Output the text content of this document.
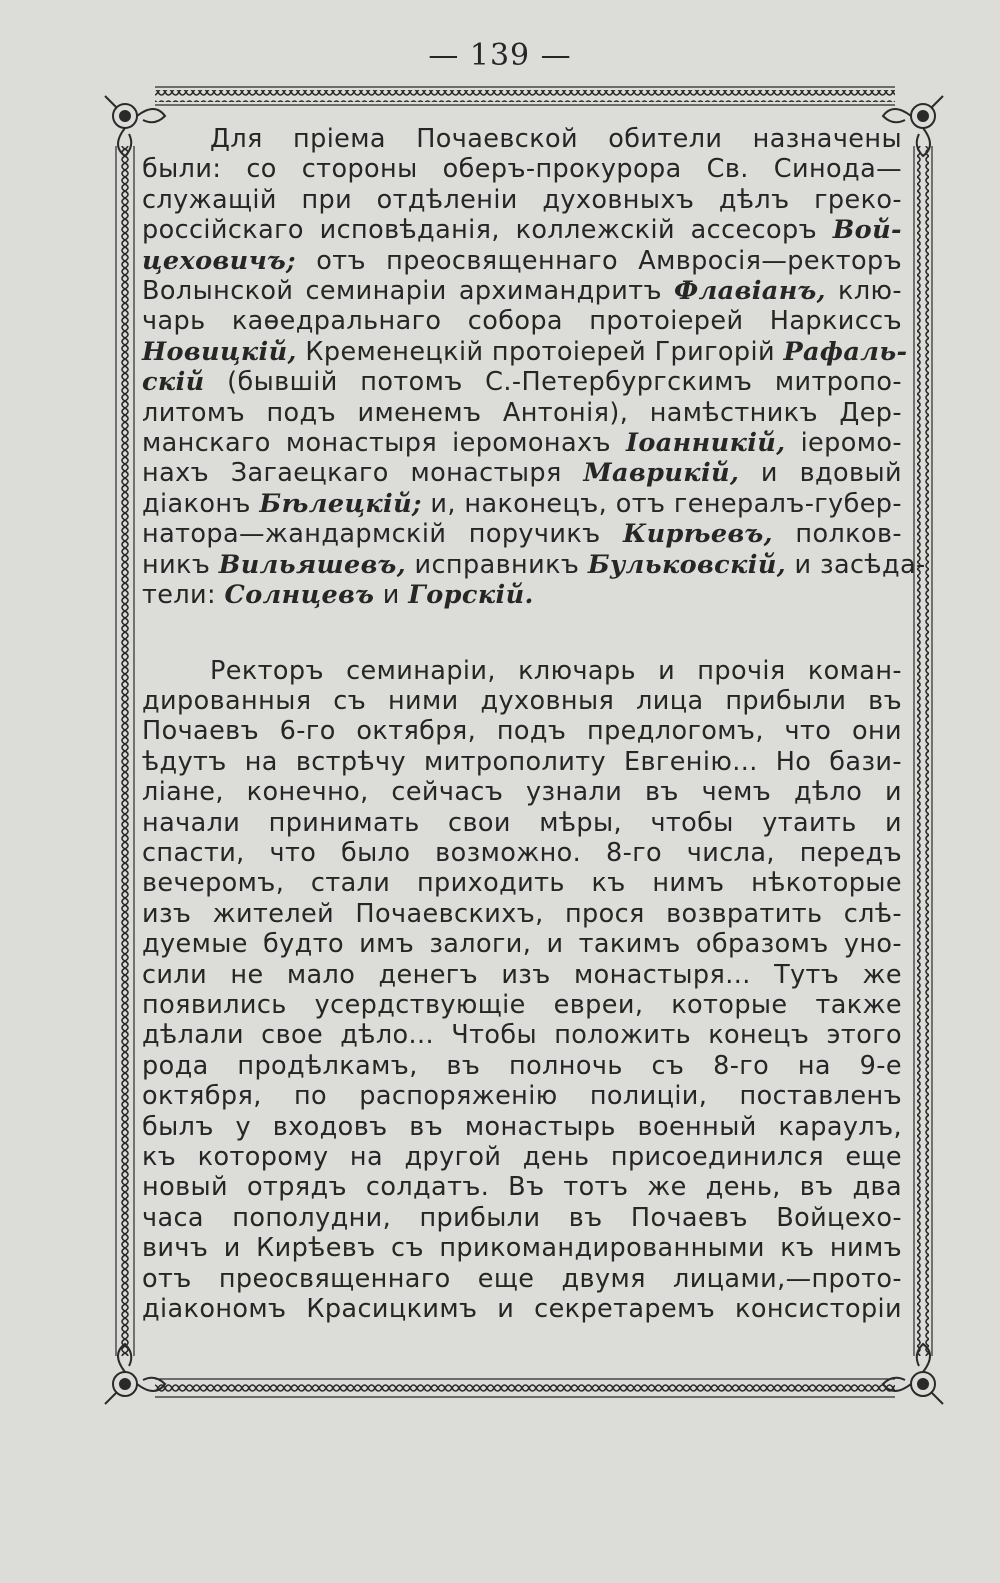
— 139 —
Для пріема Почаевской обители назначены
были: со стороны оберъ-прокурора Св. Синода—
служащій при отдѣленіи духовныхъ дѣлъ греко-
россійскаго исповѣданія, коллежскій ассесоръ Вой-
цеховичъ; отъ преосвященнаго Амвросія—ректоръ
Волынской семинаріи архимандритъ Флавіанъ, клю-
чарь каѳедральнаго собора протоіерей Наркиссъ
Новицкій, Кременецкій протоіерей Григорій Рафаль-
скій (бывшій потомъ С.-Петербургскимъ митропо-
литомъ подъ именемъ Антонія), намѣстникъ Дер-
манскаго монастыря іеромонахъ Іоанникій, іеромо-
нахъ Загаецкаго монастыря Маврикій, и вдовый
діаконъ Бѣлецкій; и, наконецъ, отъ генералъ-губер-
натора—жандармскій поручикъ Кирѣевъ, полков-
никъ Вильяшевъ, исправникъ Бульковскій, и засѣда-
тели: Солнцевъ и Горскій.
Ректоръ семинаріи, ключарь и прочія коман-
дированныя съ ними духовныя лица прибыли въ
Почаевъ 6-го октября, подъ предлогомъ, что они
ѣдутъ на встрѣчу митрополиту Евгенію... Но бази-
ліане, конечно, сейчасъ узнали въ чемъ дѣло и
начали принимать свои мѣры, чтобы утаить и
спасти, что было возможно. 8-го числа, передъ
вечеромъ, стали приходить къ нимъ нѣкоторые
изъ жителей Почаевскихъ, прося возвратить слѣ-
дуемые будто имъ залоги, и такимъ образомъ уно-
сили не мало денегъ изъ монастыря... Тутъ же
появились усердствующіе евреи, которые также
дѣлали свое дѣло... Чтобы положить конецъ этого
рода продѣлкамъ, въ полночь съ 8-го на 9-е
октября, по распоряженію полиціи, поставленъ
былъ у входовъ въ монастырь военный караулъ,
къ которому на другой день присоединился еще
новый отрядъ солдатъ. Въ тотъ же день, въ два
часа пополудни, прибыли въ Почаевъ Войцехо-
вичъ и Кирѣевъ съ прикомандированными къ нимъ
отъ преосвященнаго еще двумя лицами,—прото-
діакономъ Красицкимъ и секретаремъ консисторіи
